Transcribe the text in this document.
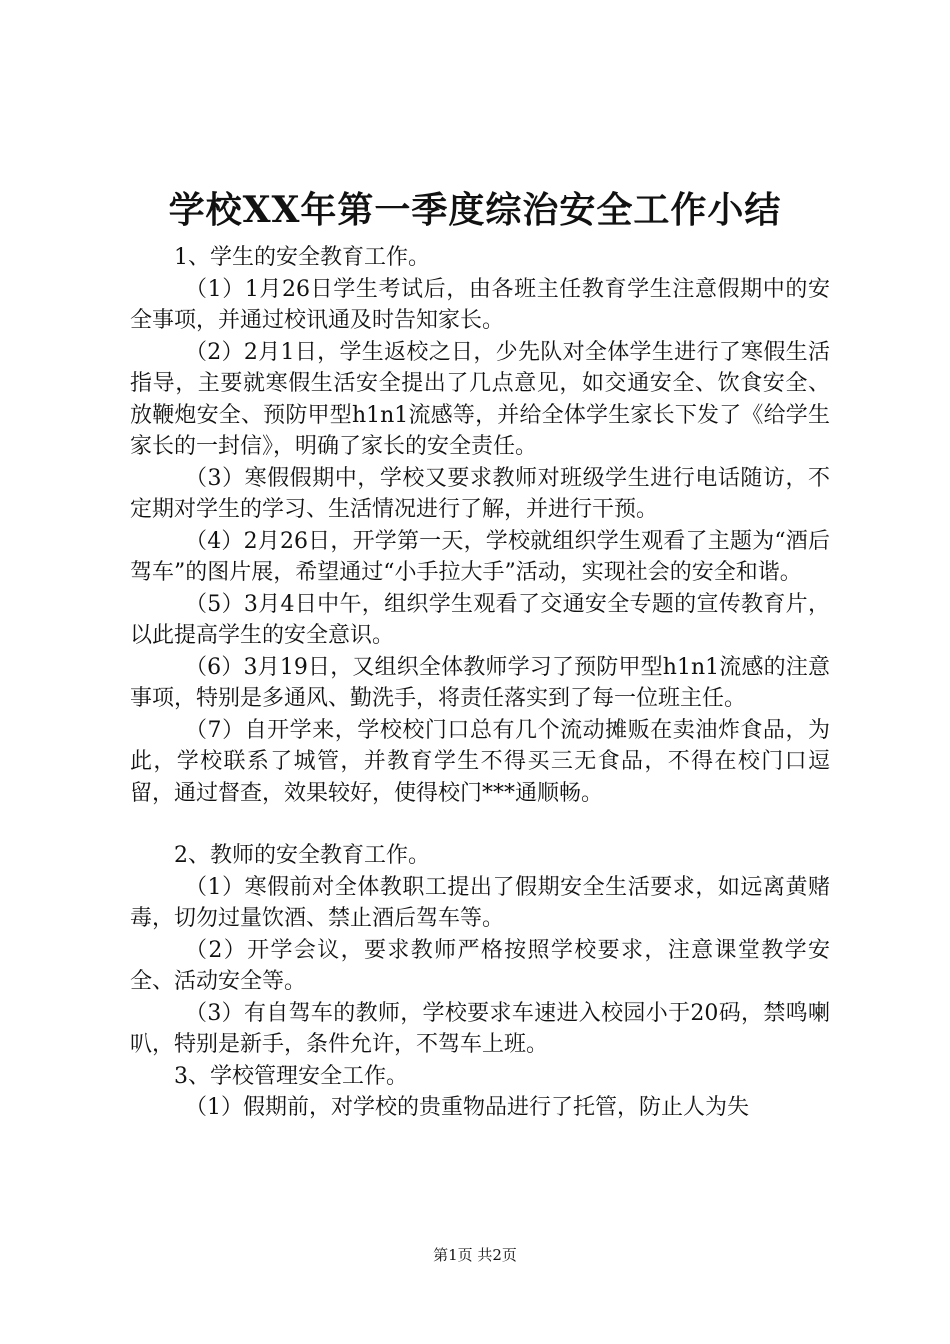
学校XX年第一季度综治安全工作小结

1、学生的安全教育工作。

（1）1月26日学生考试后，由各班主任教育学生注意假期中的安全事项，并通过校讯通及时告知家长。

（2）2月1日，学生返校之日，少先队对全体学生进行了寒假生活指导，主要就寒假生活安全提出了几点意见，如交通安全、饮食安全、放鞭炮安全、预防甲型h1n1流感等，并给全体学生家长下发了《给学生家长的一封信》，明确了家长的安全责任。

（3）寒假假期中，学校又要求教师对班级学生进行电话随访，不定期对学生的学习、生活情况进行了解，并进行干预。

（4）2月26日，开学第一天，学校就组织学生观看了主题为“酒后驾车”的图片展，希望通过“小手拉大手”活动，实现社会的安全和谐。

（5）3月4日中午，组织学生观看了交通安全专题的宣传教育片，以此提高学生的安全意识。

（6）3月19日，又组织全体教师学习了预防甲型h1n1流感的注意事项，特别是多通风、勤洗手，将责任落实到了每一位班主任。

（7）自开学来，学校校门口总有几个流动摊贩在卖油炸食品，为此，学校联系了城管，并教育学生不得买三无食品，不得在校门口逗留，通过督查，效果较好，使得校门***通顺畅。

2、教师的安全教育工作。

（1）寒假前对全体教职工提出了假期安全生活要求，如远离黄赌毒，切勿过量饮酒、禁止酒后驾车等。

（2）开学会议，要求教师严格按照学校要求，注意课堂教学安全、活动安全等。

（3）有自驾车的教师，学校要求车速进入校园小于20码，禁鸣喇叭，特别是新手，条件允许，不驾车上班。

3、学校管理安全工作。

（1）假期前，对学校的贵重物品进行了托管，防止人为失

第1页 共2页
